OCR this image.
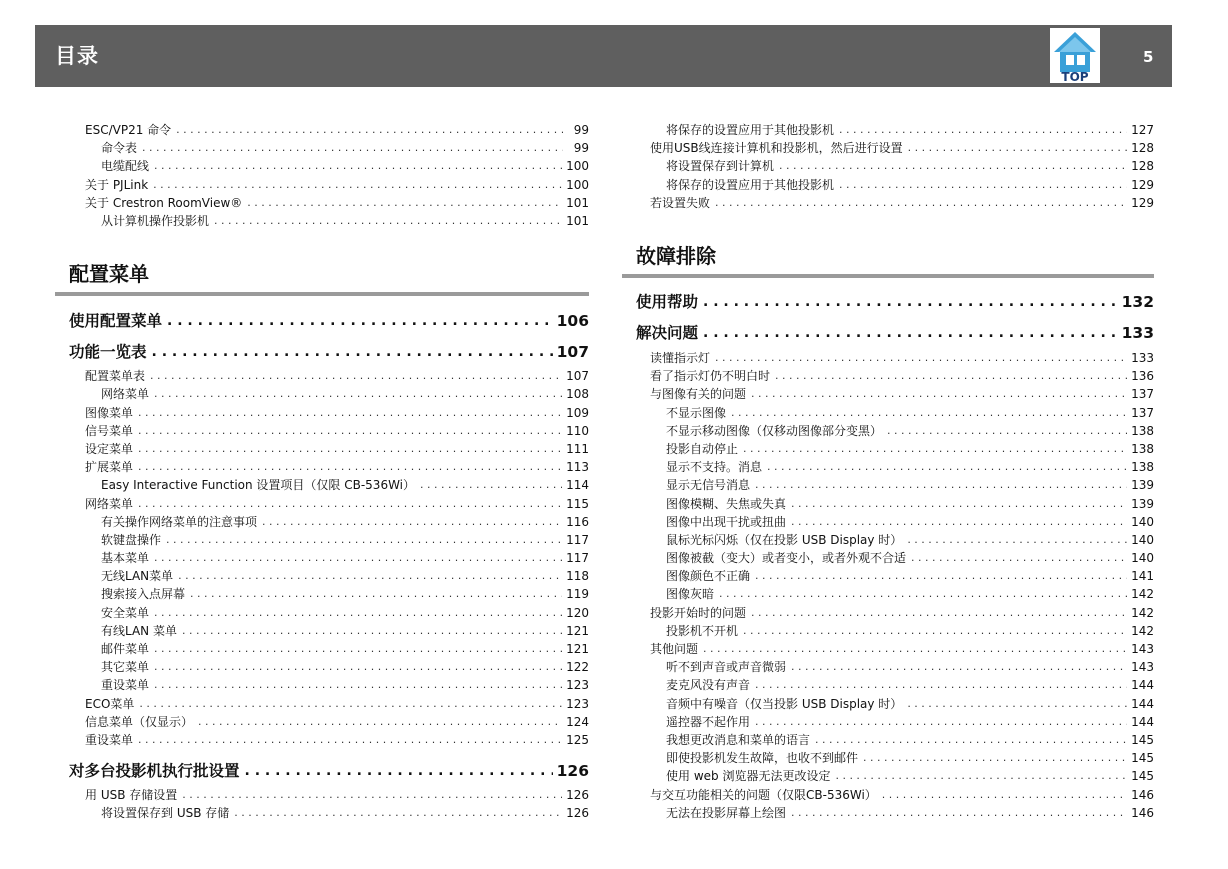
目录
TOP
5
ESC/VP21 命令 . . .	99
命令表 . . .	99
电缆配线 . . .	100
关于 PJLink . . .	100
关于 Crestron RoomView® . . .	101
从计算机操作投影机 . . .	101
配置菜单
使用配置菜单 . . .	106
功能一览表 . . .	107
配置菜单表 . . .	107
网络菜单 . . .	108
图像菜单 . . .	109
信号菜单 . . .	110
设定菜单 . . .	111
扩展菜单 . . .	113
Easy Interactive Function 设置项目（仅限 CB-536Wi） . . .	114
网络菜单 . . .	115
有关操作网络菜单的注意事项 . . .	116
软键盘操作 . . .	117
基本菜单 . . .	117
无线LAN菜单 . . .	118
搜索接入点屏幕 . . .	119
安全菜单 . . .	120
有线LAN 菜单 . . .	121
邮件菜单 . . .	121
其它菜单 . . .	122
重设菜单 . . .	123
ECO菜单 . . .	123
信息菜单（仅显示） . . .	124
重设菜单 . . .	125
对多台投影机执行批设置 . . .	126
用 USB 存储设置 . . .	126
将设置保存到 USB 存储 . . .	126
将保存的设置应用于其他投影机 . . .	127
使用USB线连接计算机和投影机，然后进行设置 . . .	128
将设置保存到计算机 . . .	128
将保存的设置应用于其他投影机 . . .	129
若设置失败 . . .	129
故障排除
使用帮助 . . .	132
解决问题 . . .	133
读懂指示灯 . . .	133
看了指示灯仍不明白时 . . .	136
与图像有关的问题 . . .	137
不显示图像 . . .	137
不显示移动图像（仅移动图像部分变黑） . . .	138
投影自动停止 . . .	138
显示不支持。消息 . . .	138
显示无信号消息 . . .	139
图像模糊、失焦或失真 . . .	139
图像中出现干扰或扭曲 . . .	140
鼠标光标闪烁（仅在投影 USB Display 时） . . .	140
图像被截（变大）或者变小，或者外观不合适 . . .	140
图像颜色不正确 . . .	141
图像灰暗 . . .	142
投影开始时的问题 . . .	142
投影机不开机 . . .	142
其他问题 . . .	143
听不到声音或声音微弱 . . .	143
麦克风没有声音 . . .	144
音频中有噪音（仅当投影 USB Display 时） . . .	144
遥控器不起作用 . . .	144
我想更改消息和菜单的语言 . . .	145
即使投影机发生故障，也收不到邮件 . . .	145
使用 web 浏览器无法更改设定 . . .	145
与交互功能相关的问题（仅限CB-536Wi） . . .	146
无法在投影屏幕上绘图 . . .	146
